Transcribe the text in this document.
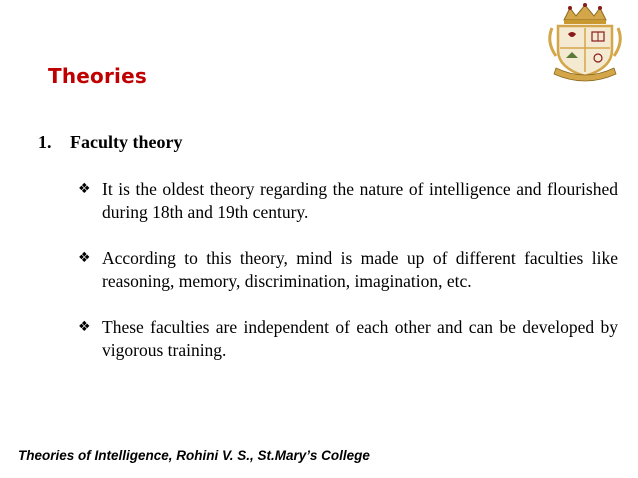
Theories
1. Faculty theory
❖ It is the oldest theory regarding the nature of intelligence and flourished during 18th and 19th century.
❖ According to this theory, mind is made up of different faculties like reasoning, memory, discrimination, imagination, etc.
❖ These faculties are independent of each other and can be developed by vigorous training.
Theories of Intelligence, Rohini V. S., St.Mary’s College
